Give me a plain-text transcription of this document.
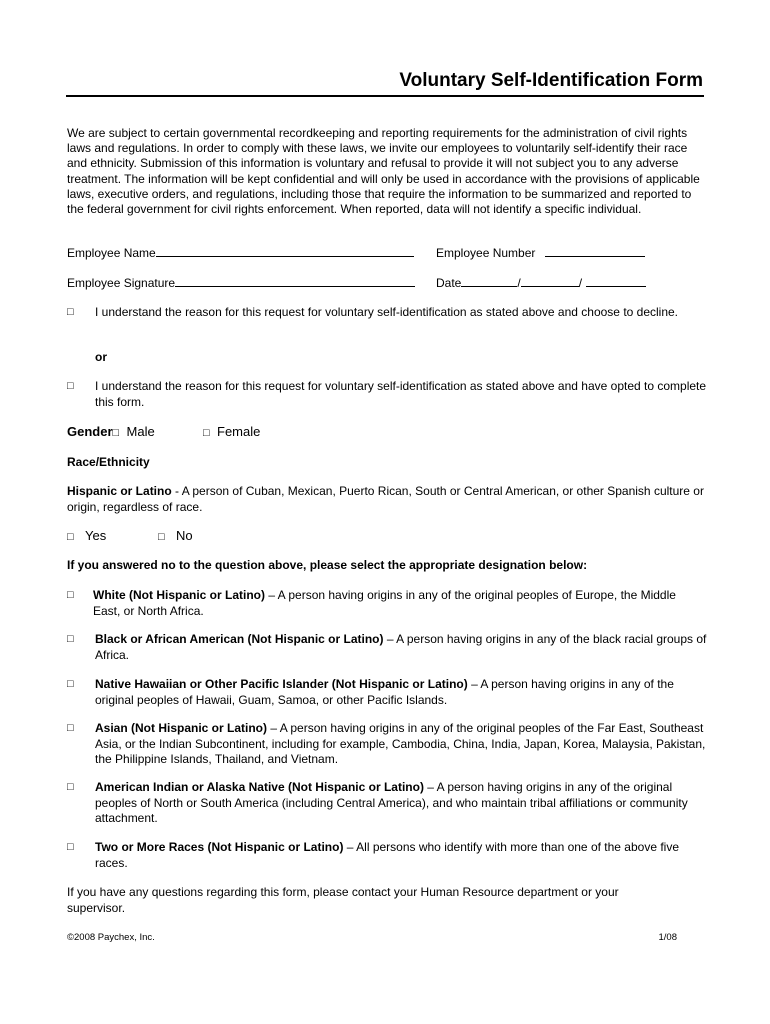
Voluntary Self-Identification Form
We are subject to certain governmental recordkeeping and reporting requirements for the administration of civil rights laws and regulations. In order to comply with these laws, we invite our employees to voluntarily self-identify their race and ethnicity. Submission of this information is voluntary and refusal to provide it will not subject you to any adverse treatment. The information will be kept confidential and will only be used in accordance with the provisions of applicable laws, executive orders, and regulations, including those that require the information to be summarized and reported to the federal government for civil rights enforcement. When reported, data will not identify a specific individual.
Employee Name	Employee Number
Employee Signature	Date	/	/
□	I understand the reason for this request for voluntary self-identification as stated above and choose to decline.
or
□	I understand the reason for this request for voluntary self-identification as stated above and have opted to complete this form.
Gender□ Male	□ Female
Race/Ethnicity
Hispanic or Latino - A person of Cuban, Mexican, Puerto Rican, South or Central American, or other Spanish culture or origin, regardless of race.
□ Yes	□ No
If you answered no to the question above, please select the appropriate designation below:
□	White (Not Hispanic or Latino) – A person having origins in any of the original peoples of Europe, the Middle East, or North Africa.
□	Black or African American (Not Hispanic or Latino) – A person having origins in any of the black racial groups of Africa.
□	Native Hawaiian or Other Pacific Islander (Not Hispanic or Latino) – A person having origins in any of the original peoples of Hawaii, Guam, Samoa, or other Pacific Islands.
□	Asian (Not Hispanic or Latino) – A person having origins in any of the original peoples of the Far East, Southeast Asia, or the Indian Subcontinent, including for example, Cambodia, China, India, Japan, Korea, Malaysia, Pakistan, the Philippine Islands, Thailand, and Vietnam.
□	American Indian or Alaska Native (Not Hispanic or Latino) – A person having origins in any of the original peoples of North or South America (including Central America), and who maintain tribal affiliations or community attachment.
□	Two or More Races (Not Hispanic or Latino) – All persons who identify with more than one of the above five races.
If you have any questions regarding this form, please contact your Human Resource department or your supervisor.
©2008 Paychex, Inc.	1/08
